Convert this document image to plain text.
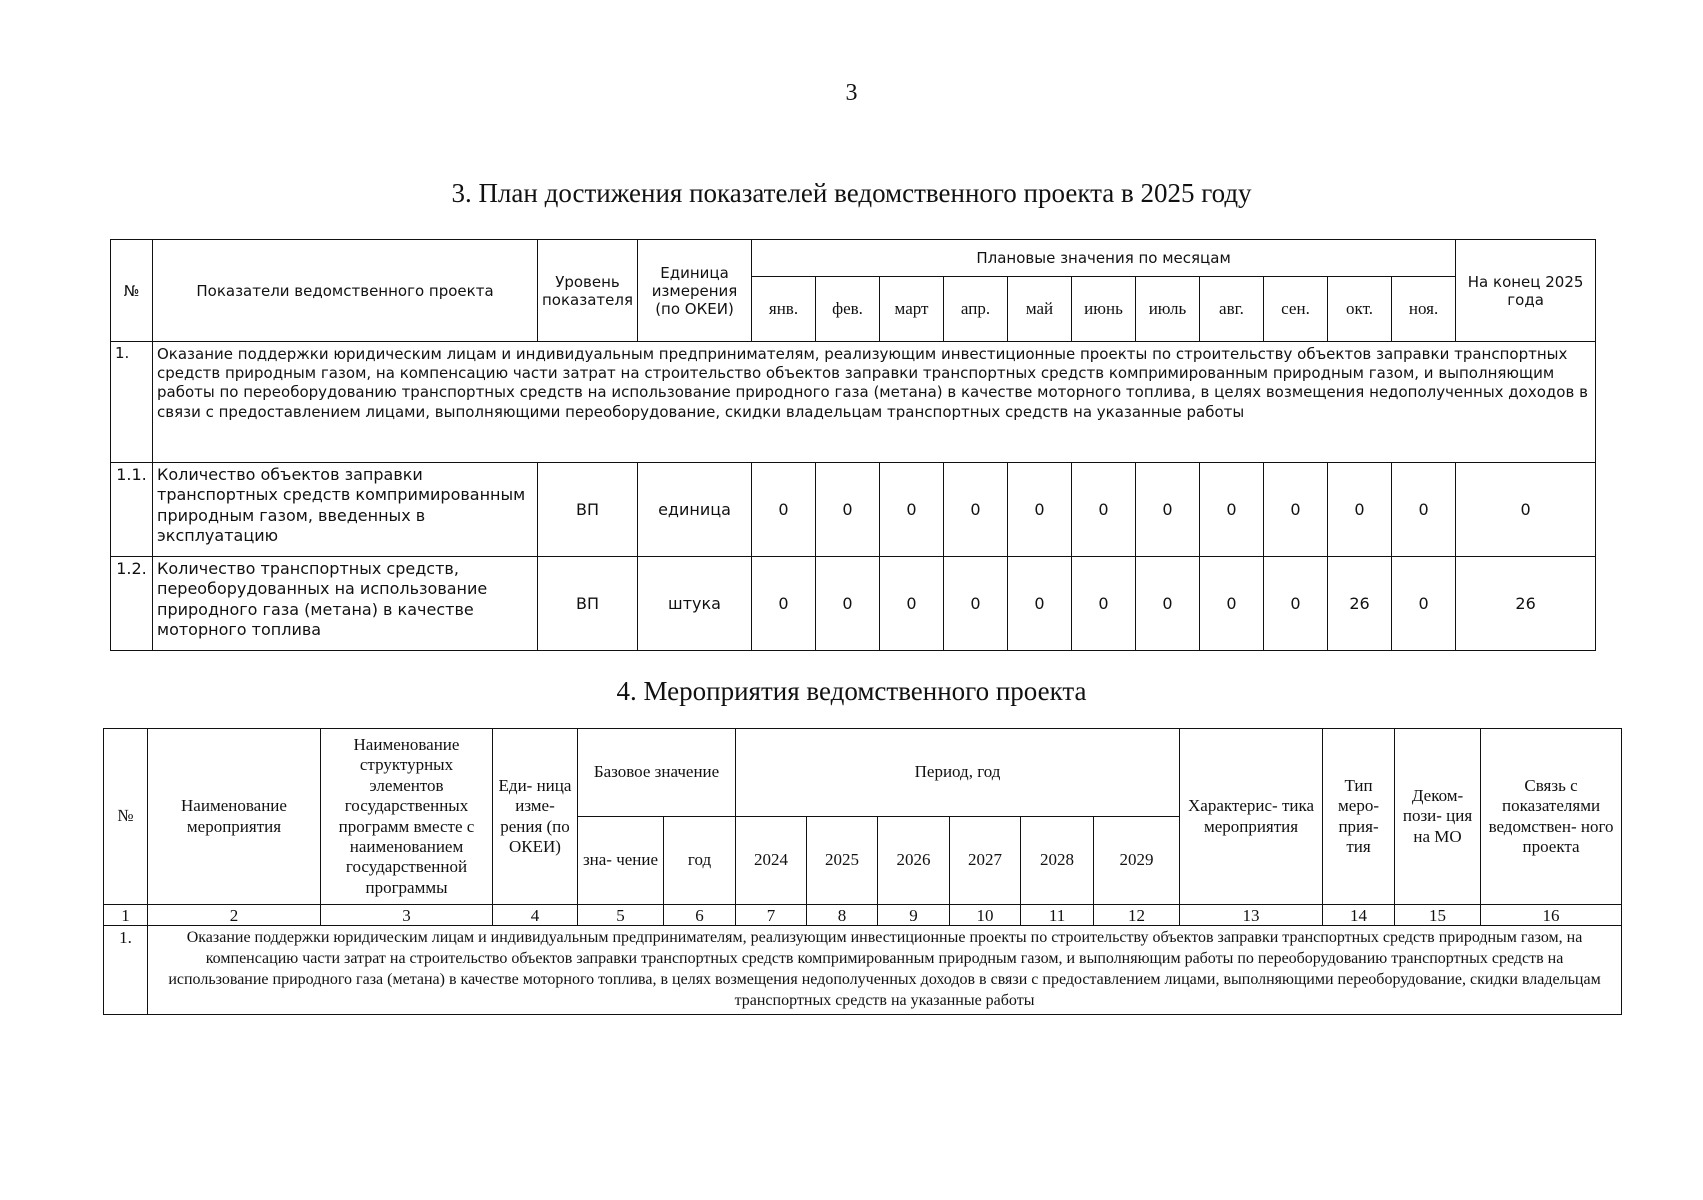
3
3. План достижения показателей ведомственного проекта в 2025 году
№	Показатели ведомственного проекта	Уровень показателя	Единица измерения (по ОКЕИ)	Плановые значения по месяцам											На конец 2025 года
				янв.	фев.	март	апр.	май	июнь	июль	авг.	сен.	окт.	ноя.	
1.	Оказание поддержки юридическим лицам и индивидуальным предпринимателям, реализующим инвестиционные проекты по строительству объектов заправки транспортных средств природным газом, на компенсацию части затрат на строительство объектов заправки транспортных средств компримированным природным газом, и выполняющим работы по переоборудованию транспортных средств на использование природного газа (метана) в качестве моторного топлива, в целях возмещения недополученных доходов в связи с предоставлением лицами, выполняющими переоборудование, скидки владельцам транспортных средств на указанные работы														
1.1.	Количество объектов заправки транспортных средств компримированным природным газом, введенных в эксплуатацию	ВП	единица	0	0	0	0	0	0	0	0	0	0	0	0
1.2.	Количество транспортных средств, переоборудованных на использование природного газа (метана) в качестве моторного топлива	ВП	штука	0	0	0	0	0	0	0	0	0	26	0	26
4. Мероприятия ведомственного проекта
№	Наименование мероприятия	Наименование структурных элементов государственных программ вместе с наименованием государственной программы	Еди- ница изме- рения (по ОКЕИ)	Базовое значение		Период, год						Характерис- тика мероприятия	Тип меро- прия- тия	Деком- пози- ция на МО	Связь с показателями ведомствен- ного проекта
				зна- чение	год	2024	2025	2026	2027	2028	2029				
1	2	3	4	5	6	7	8	9	10	11	12	13	14	15	16
1.	Оказание поддержки юридическим лицам и индивидуальным предпринимателям, реализующим инвестиционные проекты по строительству объектов заправки транспортных средств природным газом, на компенсацию части затрат на строительство объектов заправки транспортных средств компримированным природным газом, и выполняющим работы по переоборудованию транспортных средств на использование природного газа (метана) в качестве моторного топлива, в целях возмещения недополученных доходов в связи с предоставлением лицами, выполняющими переоборудование, скидки владельцам транспортных средств на указанные работы														
